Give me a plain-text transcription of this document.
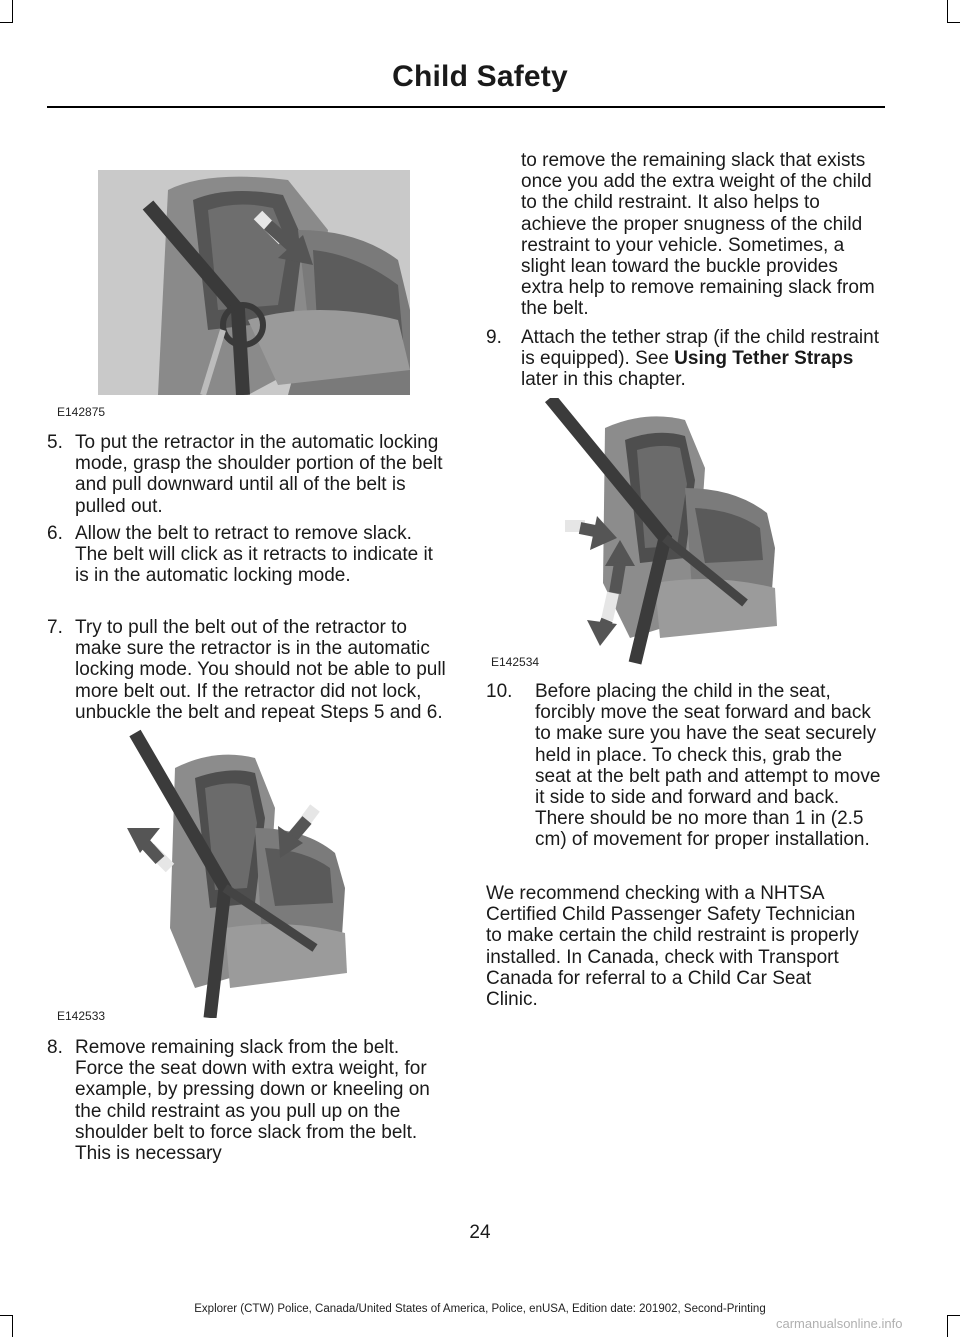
Child Safety
E142875
5. To put the retractor in the automatic locking mode, grasp the shoulder portion of the belt and pull downward until all of the belt is pulled out.
6. Allow the belt to retract to remove slack. The belt will click as it retracts to indicate it is in the automatic locking mode.
7. Try to pull the belt out of the retractor to make sure the retractor is in the automatic locking mode. You should not be able to pull more belt out. If the retractor did not lock, unbuckle the belt and repeat Steps 5 and 6.
E142533
8. Remove remaining slack from the belt. Force the seat down with extra weight, for example, by pressing down or kneeling on the child restraint as you pull up on the shoulder belt to force slack from the belt. This is necessary
to remove the remaining slack that exists once you add the extra weight of the child to the child restraint. It also helps to achieve the proper snugness of the child restraint to your vehicle. Sometimes, a slight lean toward the buckle provides extra help to remove remaining slack from the belt.
9.	Attach the tether strap (if the child restraint is equipped). See Using Tether Straps later in this chapter.
E142534
10.	Before placing the child in the seat, forcibly move the seat forward and back to make sure you have the seat securely held in place. To check this, grab the seat at the belt path and attempt to move it side to side and forward and back. There should be no more than 1 in (2.5 cm) of movement for proper installation.
We recommend checking with a NHTSA Certified Child Passenger Safety Technician to make certain the child restraint is properly installed. In Canada, check with Transport Canada for referral to a Child Car Seat Clinic.
24
Explorer (CTW) Police, Canada/United States of America, Police, enUSA, Edition date: 201902, Second-Printing
carmanualsonline.info
